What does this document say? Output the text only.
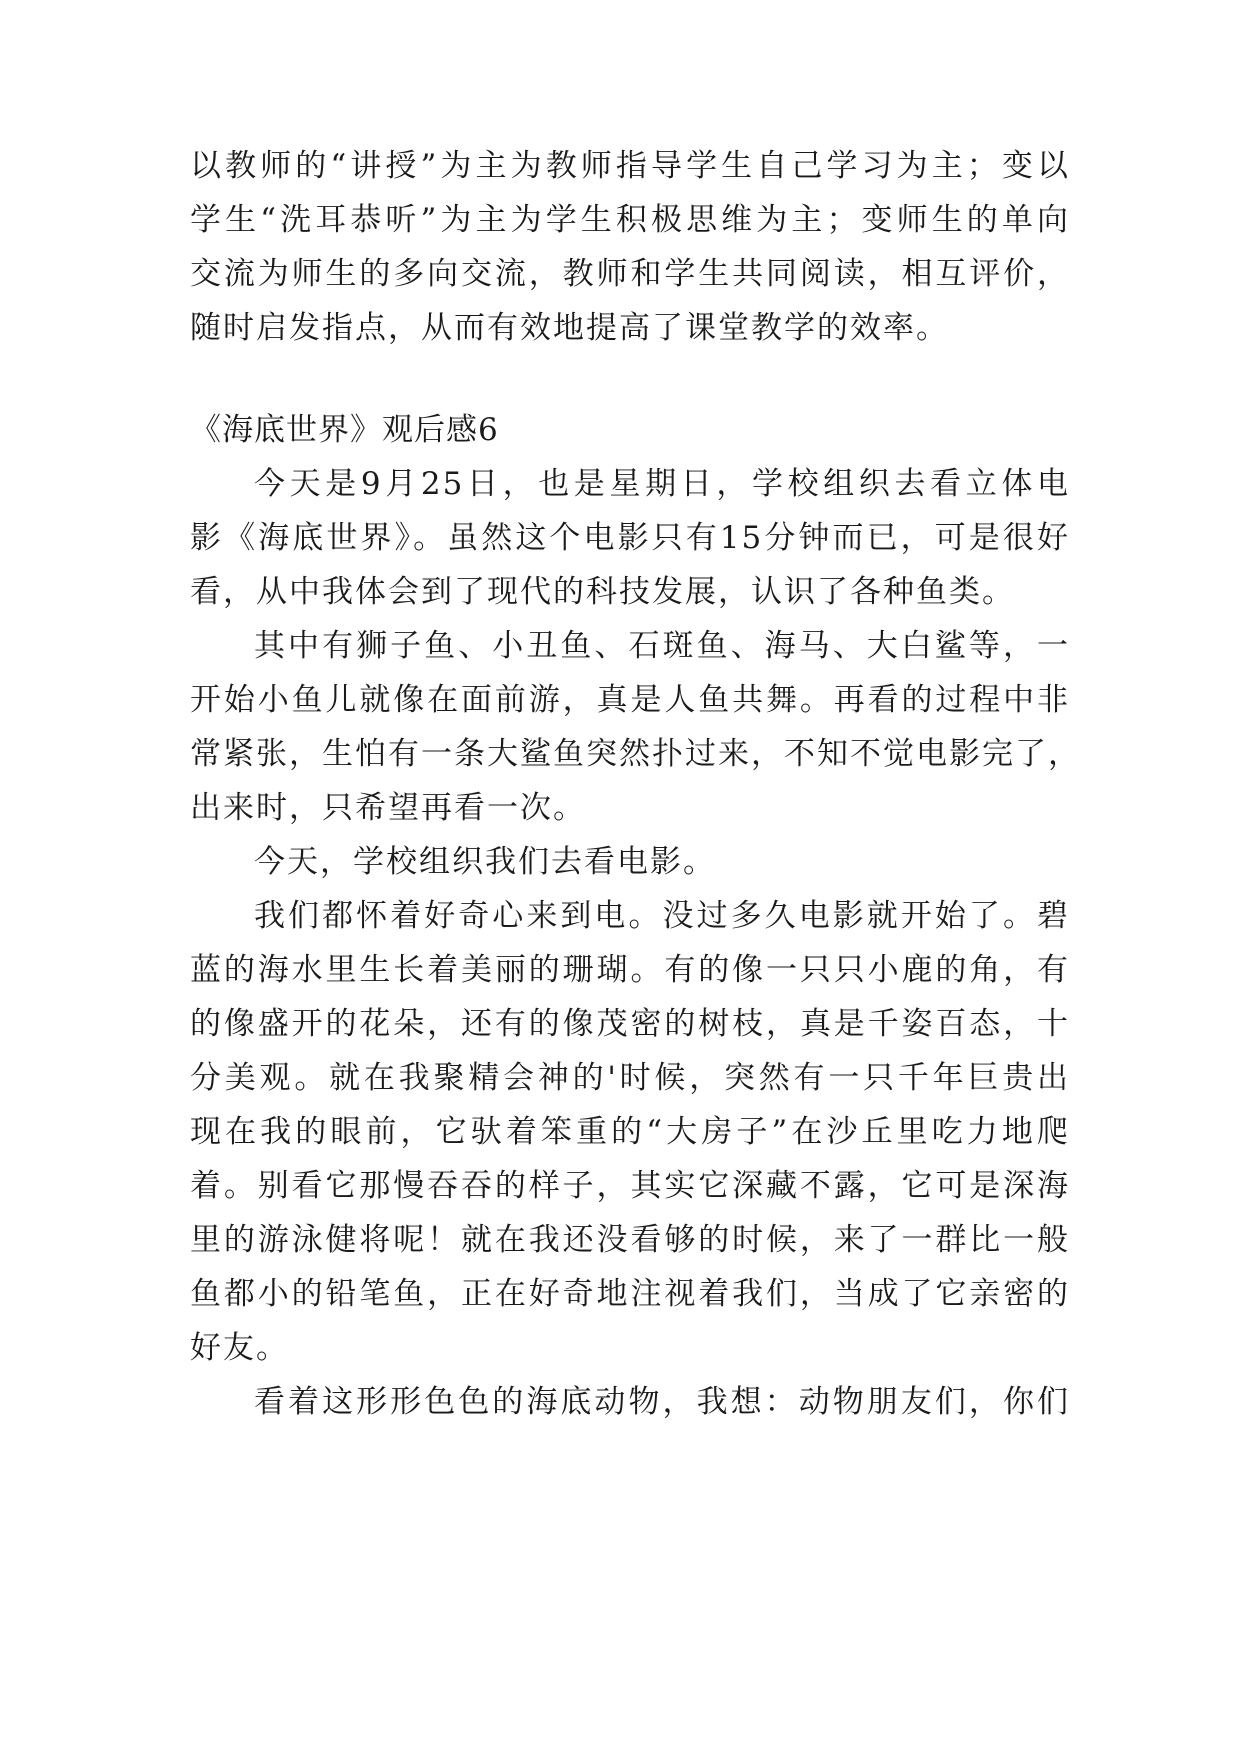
以教师的“讲授”为主为教师指导学生自己学习为主；变以
学生“洗耳恭听”为主为学生积极思维为主；变师生的单向
交流为师生的多向交流，教师和学生共同阅读，相互评价，
随时启发指点，从而有效地提高了课堂教学的效率。
《海底世界》观后感6
今天是9月25日，也是星期日，学校组织去看立体电
影《海底世界》。虽然这个电影只有15分钟而已，可是很好
看，从中我体会到了现代的科技发展，认识了各种鱼类。
其中有狮子鱼、小丑鱼、石斑鱼、海马、大白鲨等，一
开始小鱼儿就像在面前游，真是人鱼共舞。再看的过程中非
常紧张，生怕有一条大鲨鱼突然扑过来，不知不觉电影完了，
出来时，只希望再看一次。
今天，学校组织我们去看电影。
我们都怀着好奇心来到电。没过多久电影就开始了。碧
蓝的海水里生长着美丽的珊瑚。有的像一只只小鹿的角，有
的像盛开的花朵，还有的像茂密的树枝，真是千姿百态，十
分美观。就在我聚精会神的'时候，突然有一只千年巨贵出
现在我的眼前，它驮着笨重的“大房子”在沙丘里吃力地爬
着。别看它那慢吞吞的样子，其实它深藏不露，它可是深海
里的游泳健将呢！就在我还没看够的时候，来了一群比一般
鱼都小的铅笔鱼，正在好奇地注视着我们，当成了它亲密的
好友。
看着这形形色色的海底动物，我想：动物朋友们，你们
